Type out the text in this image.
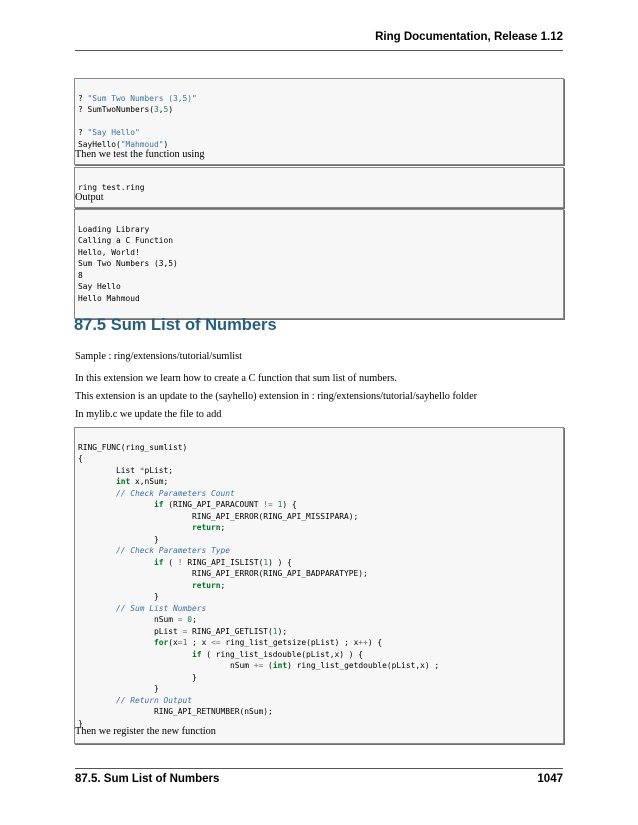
Ring Documentation, Release 1.12

? "Sum Two Numbers (3,5)"
? SumTwoNumbers(3,5)
? "Say Hello"
SayHello("Mahmoud")

Then we test the function using

ring test.ring

Output

Loading Library
Calling a C Function
Hello, World!
Sum Two Numbers (3,5)
8
Say Hello
Hello Mahmoud

87.5 Sum List of Numbers
Sample : ring/extensions/tutorial/sumlist
In this extension we learn how to create a C function that sum list of numbers.
This extension is an update to the (sayhello) extension in : ring/extensions/tutorial/sayhello folder
In mylib.c we update the file to add

RING_FUNC(ring_sumlist)
{
List *pList;
int x,nSum;
// Check Parameters Count
if (RING_API_PARACOUNT != 1) {
RING_API_ERROR(RING_API_MISSIPARA);
return;
}
// Check Parameters Type
if ( ! RING_API_ISLIST(1) ) {
RING_API_ERROR(RING_API_BADPARATYPE);
return;
}
// Sum List Numbers
nSum = 0;
pList = RING_API_GETLIST(1);
for(x=1 ; x <= ring_list_getsize(pList) ; x++) {
if ( ring_list_isdouble(pList,x) ) {
nSum += (int) ring_list_getdouble(pList,x) ;
}
}
// Return Output
RING_API_RETNUMBER(nSum);
}

Then we register the new function
87.5. Sum List of Numbers	1047
